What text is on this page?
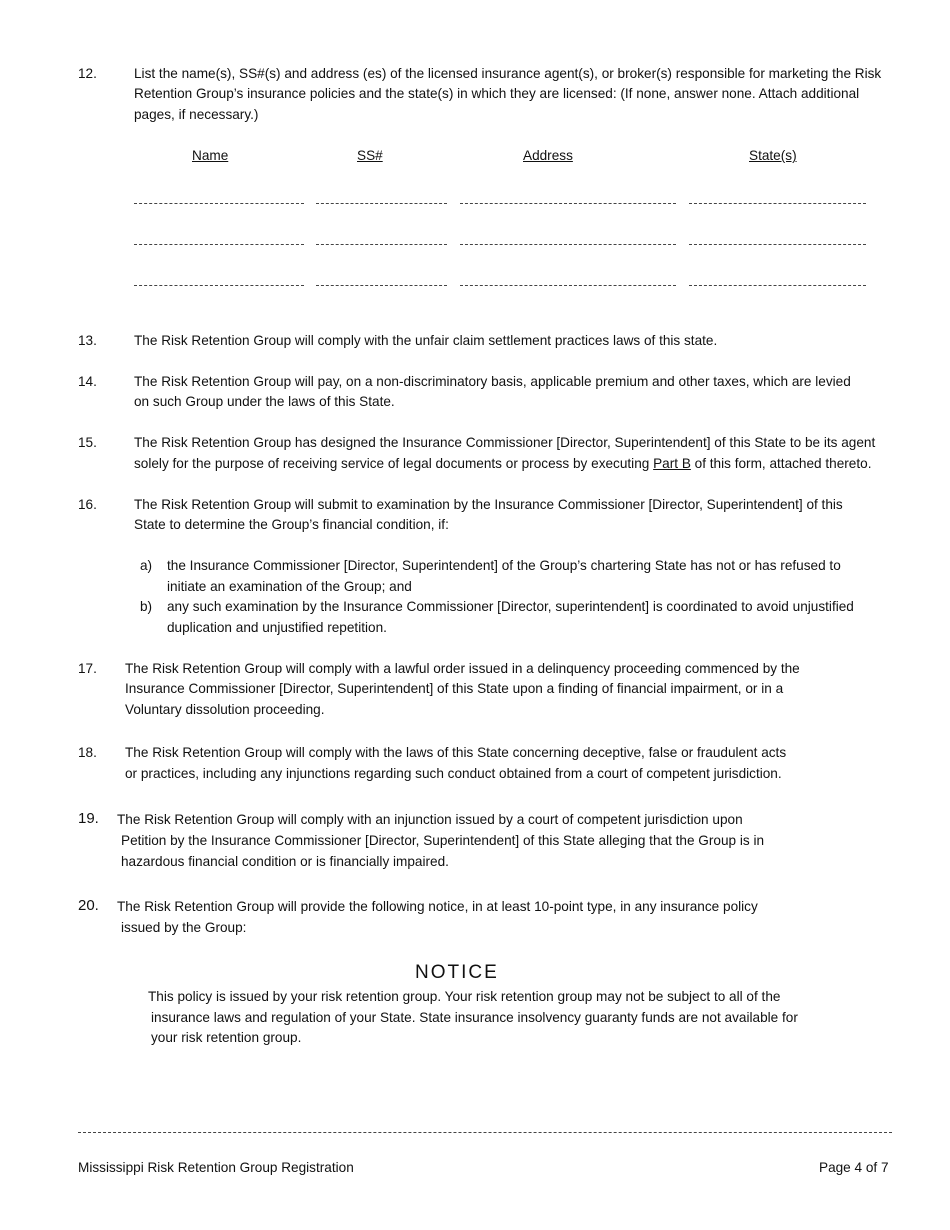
12.	List the name(s), SS#(s) and address (es) of the licensed insurance agent(s), or broker(s) responsible for marketing the Risk
Retention Group’s insurance policies and the state(s) in which they are licensed: (If none, answer none. Attach additional
pages, if necessary.)
Name	SS#	Address	State(s)
13.	The Risk Retention Group will comply with the unfair claim settlement practices laws of this state.
14.	The Risk Retention Group will pay, on a non-discriminatory basis, applicable premium and other taxes, which are levied
on such Group under the laws of this State.
15.	The Risk Retention Group has designed the Insurance Commissioner [Director, Superintendent] of this State to be its agent
solely for the purpose of receiving service of legal documents or process by executing Part B of this form, attached thereto.
16.	The Risk Retention Group will submit to examination by the Insurance Commissioner [Director, Superintendent] of this
State to determine the Group’s financial condition, if:
a) the Insurance Commissioner [Director, Superintendent] of the Group’s chartering State has not or has refused to
initiate an examination of the Group; and
b) any such examination by the Insurance Commissioner [Director, superintendent] is coordinated to avoid unjustified
duplication and unjustified repetition.
17. The Risk Retention Group will comply with a lawful order issued in a delinquency proceeding commenced by the
Insurance Commissioner [Director, Superintendent] of this State upon a finding of financial impairment, or in a
Voluntary dissolution proceeding.
18. The Risk Retention Group will comply with the laws of this State concerning deceptive, false or fraudulent acts
or practices, including any injunctions regarding such conduct obtained from a court of competent jurisdiction.
19. The Risk Retention Group will comply with an injunction issued by a court of competent jurisdiction upon
Petition by the Insurance Commissioner [Director, Superintendent] of this State alleging that the Group is in
hazardous financial condition or is financially impaired.
20. The Risk Retention Group will provide the following notice, in at least 10-point type, in any insurance policy
issued by the Group:
NOTICE
This policy is issued by your risk retention group. Your risk retention group may not be subject to all of the
insurance laws and regulation of your State. State insurance insolvency guaranty funds are not available for
your risk retention group.
Mississippi Risk Retention Group Registration	Page 4 of 7
